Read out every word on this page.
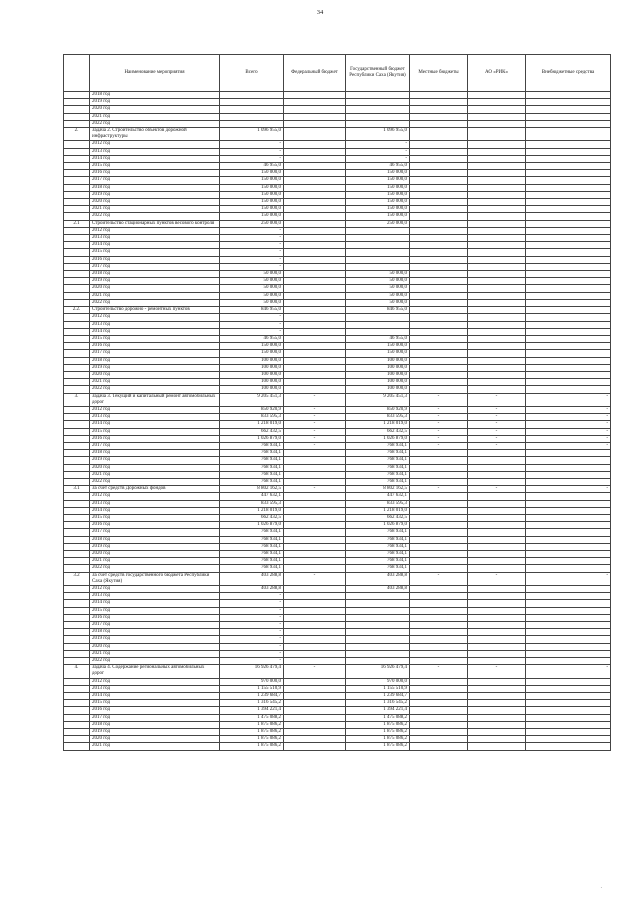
34
	Наименование мероприятия	Всего	Федеральный бюджет	Государственный бюджет Республики Саха (Якутия)	Местные бюджеты	АО «РИК»	Внебюджетные средства
	2018 год						
	2019 год						
	2020 год						
	2021 год						
	2022 год						
2.	Задача 2. Строительство объектов дорожной инфраструктуры	1 096 955,0		1 096 955,0			
	2012 год	-		-			
	2013 год	-		-			
	2014 год	-		-			
	2015 год	46 955,0		46 955,0			
	2016 год	150 000,0		150 000,0			
	2017 год	150 000,0		150 000,0			
	2018 год	150 000,0		150 000,0			
	2019 год	150 000,0		150 000,0			
	2020 год	150 000,0		150 000,0			
	2021 год	150 000,0		150 000,0			
	2022 год	150 000,0		150 000,0			
2.1	Строительство стационарных пунктов весового контроля	250 000,0		250 000,0			
	2012 год	-					
	2013 год	-					
	2014 год	-					
	2015 год	-					
	2016 год	-					
	2017 год	-					
	2018 год	50 000,0		50 000,0			
	2019 год	50 000,0		50 000,0			
	2020 год	50 000,0		50 000,0			
	2021 год	50 000,0		50 000,0			
	2022 год	50 000,0		50 000,0			
2.2.	Строительство дорожно - ремонтных пунктов	846 955,0		846 955,0			
	2012 год	-					
	2013 год	-					
	2014 год	-					
	2015 год	46 955,0		46 955,0			
	2016 год	150 000,0		150 000,0			
	2017 год	150 000,0		150 000,0			
	2018 год	100 000,0		100 000,0			
	2019 год	100 000,0		100 000,0			
	2020 год	100 000,0		100 000,0			
	2021 год	100 000,0		100 000,0			
	2022 год	100 000,0		100 000,0			
3.	Задача 3. Текущий и капитальный ремонт автомобильных дорог	9 205 451,3	-	9 205 451,3	-	-	-
	2012 год	850 920,9	-	850 920,9	-	-	-
	2013 год	833 595,3	-	833 595,3	-	-	-
	2014 год	1 218 019,0	-	1 218 019,0	-	-	-
	2015 год	662 432,5	-	662 432,5	-	-	-
	2016 год	1 026 879,0	-	1 026 879,0	-	-	-
	2017 год	768 934,1	-	768 934,1	-	-	-
	2018 год	768 934,1		768 934,1			
	2019 год	768 934,1		768 934,1			
	2020 год	768 934,1		768 934,1			
	2021 год	768 934,1		768 934,1			
	2022 год	768 934,1		768 934,1			
3.1	За счет средств Дорожных фондов	8 802 162,5	-	8 802 162,5	-	-	-
	2012 год	447 632,1		447 632,1			
	2013 год	833 595,3		833 595,3			
	2014 год	1 218 019,0		1 218 019,0			
	2015 год	662 432,5		662 432,5			
	2016 год	1 026 879,0		1 026 879,0			
	2017 год	768 934,1		768 934,1			
	2018 год	768 934,1		768 934,1			
	2019 год	768 934,1		768 934,1			
	2020 год	768 934,1		768 934,1			
	2021 год	768 934,1		768 934,1			
	2022 год	768 934,1		768 934,1			
3.2	За счет средств государственного бюджета Республики Саха (Якутия)	403 288,8	-	403 288,8	-	-	-
	2012 год	403 288,8		403 288,8			
	2013 год	-					
	2014 год	-					
	2015 год	-					
	2016 год	-					
	2017 год	-					
	2018 год	-					
	2019 год	-					
	2020 год	-					
	2021 год	-					
	2022 год	-					
4.	Задача 4. Содержание региональных автомобильных дорог	16 926 479,4	-	16 926 479,4	-	-	-
	2012 год	970 000,0		970 000,0			
	2013 год	1 155 510,9		1 155 510,9			
	2014 год	1 239 684,7		1 239 684,7			
	2015 год	1 316 545,2		1 316 545,2			
	2016 год	1 394 221,4		1 394 221,4			
	2017 год	1 475 088,2		1 475 088,2			
	2018 год	1 875 086,2		1 875 086,2			
	2019 год	1 875 086,2		1 875 086,2			
	2020 год	1 875 086,2		1 875 086,2			
	2021 год	1 875 086,2		1 875 086,2			
·
